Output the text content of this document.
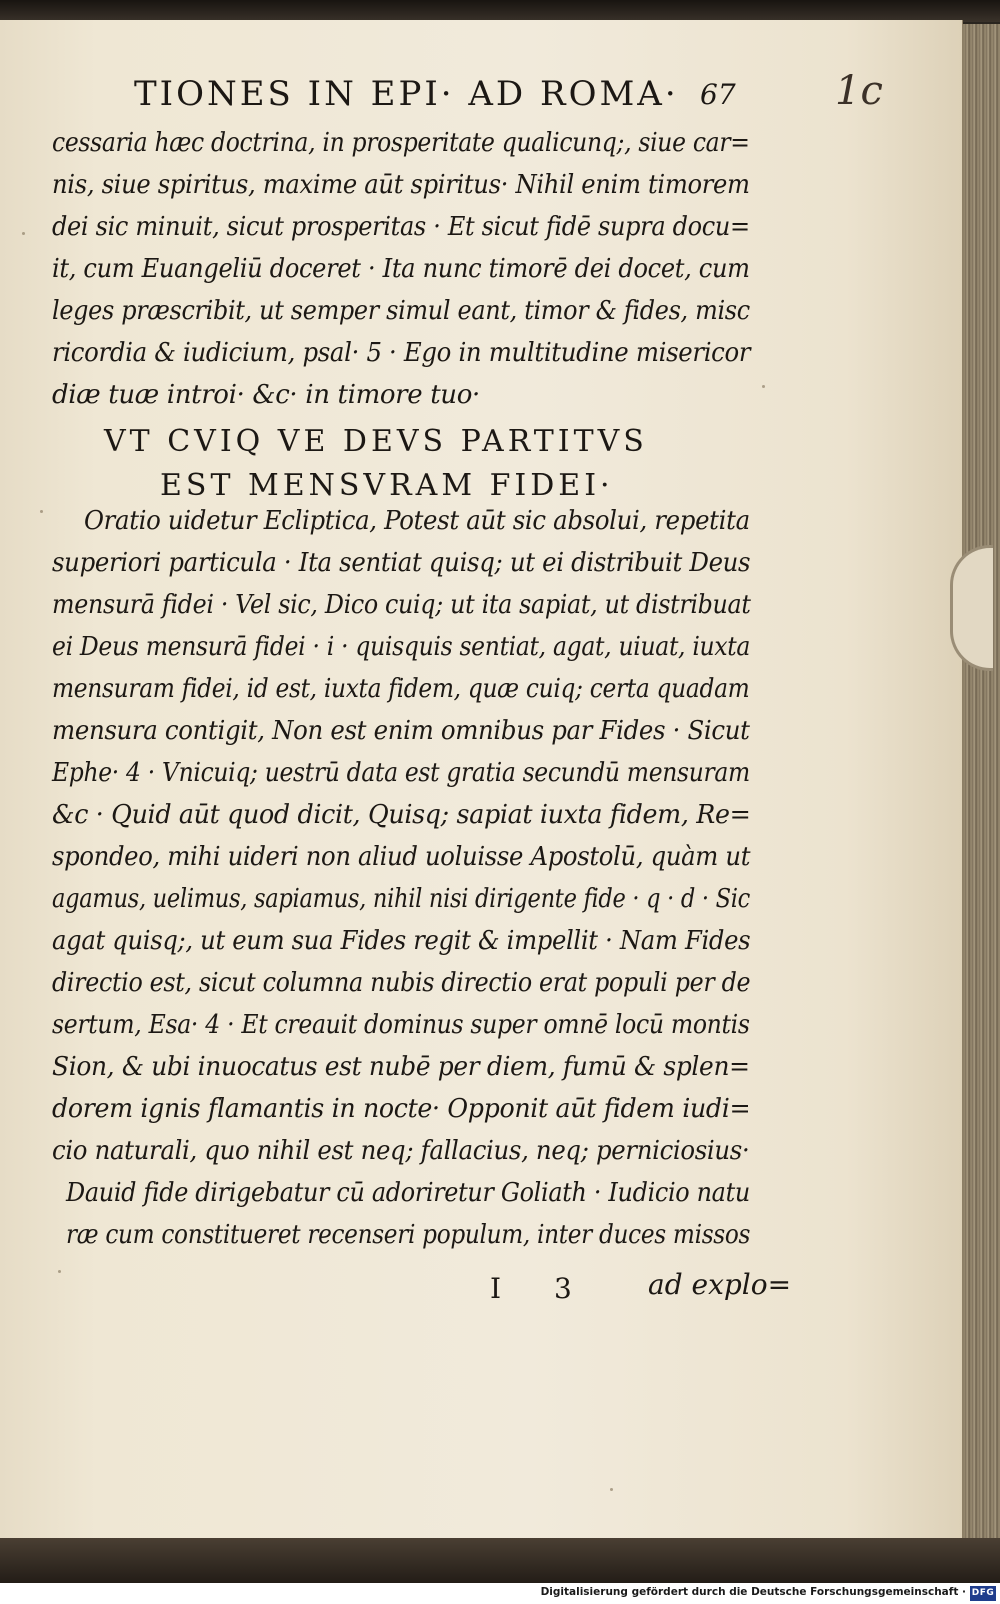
TIONES IN EPI· AD ROMA· 67 1c
cessaria hæc doctrina, in prosperitate qualicunq;, siue car=
nis, siue spiritus, maxime aūt spiritus· Nihil enim timorem
dei sic minuit, sicut prosperitas · Et sicut fidē supra docu=
it, cum Euangeliū doceret · Ita nunc timorē dei docet, cum
leges præscribit, ut semper simul eant, timor & fides, misc
ricordia & iudicium, psal· 5 · Ego in multitudine misericor
diæ tuæ introi· &c· in timore tuo·
VT CVIQ VE DEVS PARTITVS
EST MENSVRAM FIDEI·
Oratio uidetur Ecliptica, Potest aūt sic absolui, repetita
superiori particula · Ita sentiat quisq; ut ei distribuit Deus
mensurā fidei · Vel sic, Dico cuiq; ut ita sapiat, ut distribuat
ei Deus mensurā fidei · i · quisquis sentiat, agat, uiuat, iuxta
mensuram fidei, id est, iuxta fidem, quæ cuiq; certa quadam
mensura contigit, Non est enim omnibus par Fides · Sicut
Ephe· 4 · Vnicuiq; uestrū data est gratia secundū mensuram
&c · Quid aūt quod dicit, Quisq; sapiat iuxta fidem, Re=
spondeo, mihi uideri non aliud uoluisse Apostolū, quàm ut
agamus, uelimus, sapiamus, nihil nisi dirigente fide · q · d · Sic
agat quisq;, ut eum sua Fides regit & impellit · Nam Fides
directio est, sicut columna nubis directio erat populi per de
sertum, Esa· 4 · Et creauit dominus super omnē locū montis
Sion, & ubi inuocatus est nubē per diem, fumū & splen=
dorem ignis flamantis in nocte· Opponit aūt fidem iudi=
cio naturali, quo nihil est neq; fallacius, neq; perniciosius·
Dauid fide dirigebatur cū adoriretur Goliath · Iudicio natu
ræ cum constitueret recenseri populum, inter duces missos
I 3 ad explo=
Digitalisierung gefördert durch die Deutsche Forschungsgemeinschaft · DFG
